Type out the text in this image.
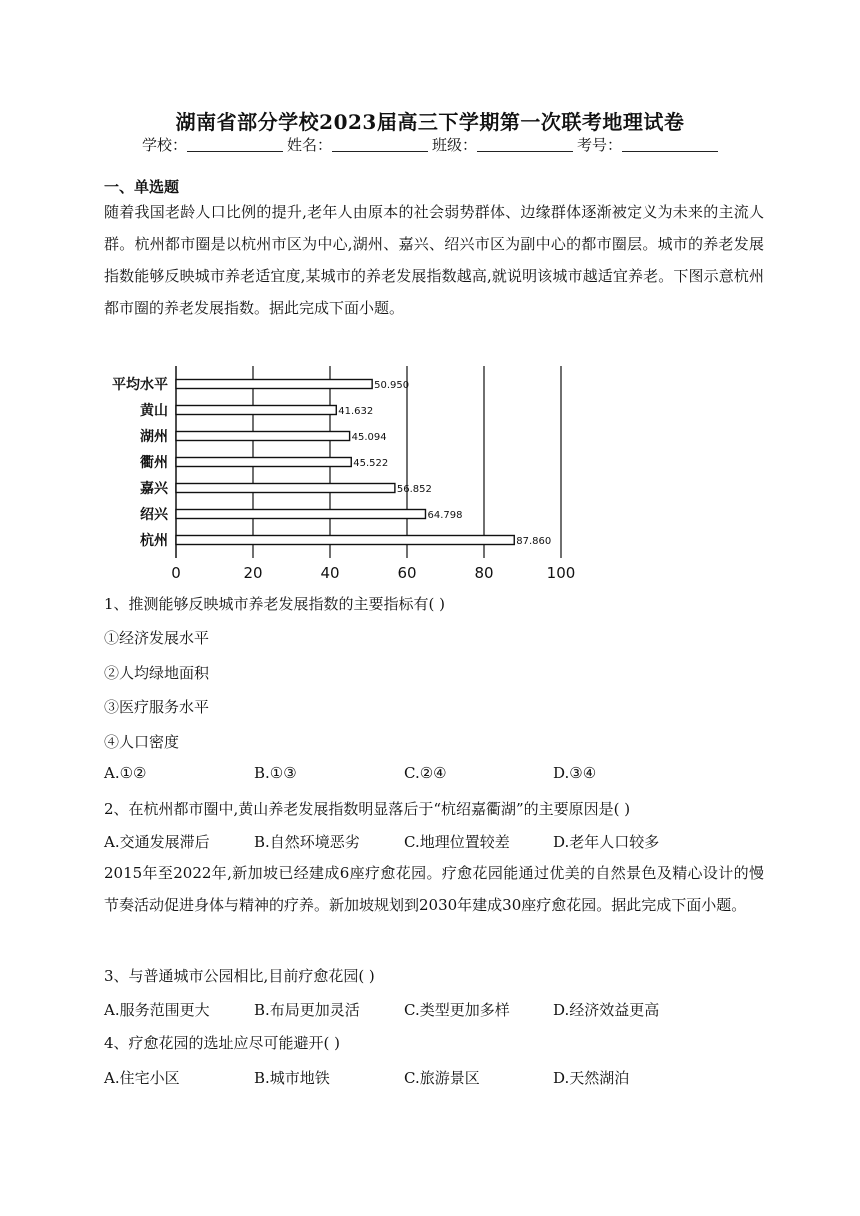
湖南省部分学校2023届高三下学期第一次联考地理试卷
学校：	姓名：	班级：	考号：
一、单选题
随着我国老龄人口比例的提升,老年人由原本的社会弱势群体、边缘群体逐渐被定义为未来的主流人群。杭州都市圈是以杭州市区为中心,湖州、嘉兴、绍兴市区为副中心的都市圈层。城市的养老发展指数能够反映城市养老适宜度,某城市的养老发展指数越高,就说明该城市越适宜养老。下图示意杭州都市圈的养老发展指数。据此完成下面小题。
0	20	40	60	80	100
平均水平	50.950
黄山	41.632
湖州	45.094
衢州	45.522
嘉兴	56.852
绍兴	64.798
杭州	87.860
1、推测能够反映城市养老发展指数的主要指标有( )
①经济发展水平
②人均绿地面积
③医疗服务水平
④人口密度
A.①②	B.①③	C.②④	D.③④
2、在杭州都市圈中,黄山养老发展指数明显落后于“杭绍嘉衢湖”的主要原因是( )
A.交通发展滞后	B.自然环境恶劣	C.地理位置较差	D.老年人口较多
2015年至2022年,新加坡已经建成6座疗愈花园。疗愈花园能通过优美的自然景色及精心设计的慢节奏活动促进身体与精神的疗养。新加坡规划到2030年建成30座疗愈花园。据此完成下面小题。
3、与普通城市公园相比,目前疗愈花园( )
A.服务范围更大	B.布局更加灵活	C.类型更加多样	D.经济效益更高
4、疗愈花园的选址应尽可能避开( )
A.住宅小区	B.城市地铁	C.旅游景区	D.天然湖泊
